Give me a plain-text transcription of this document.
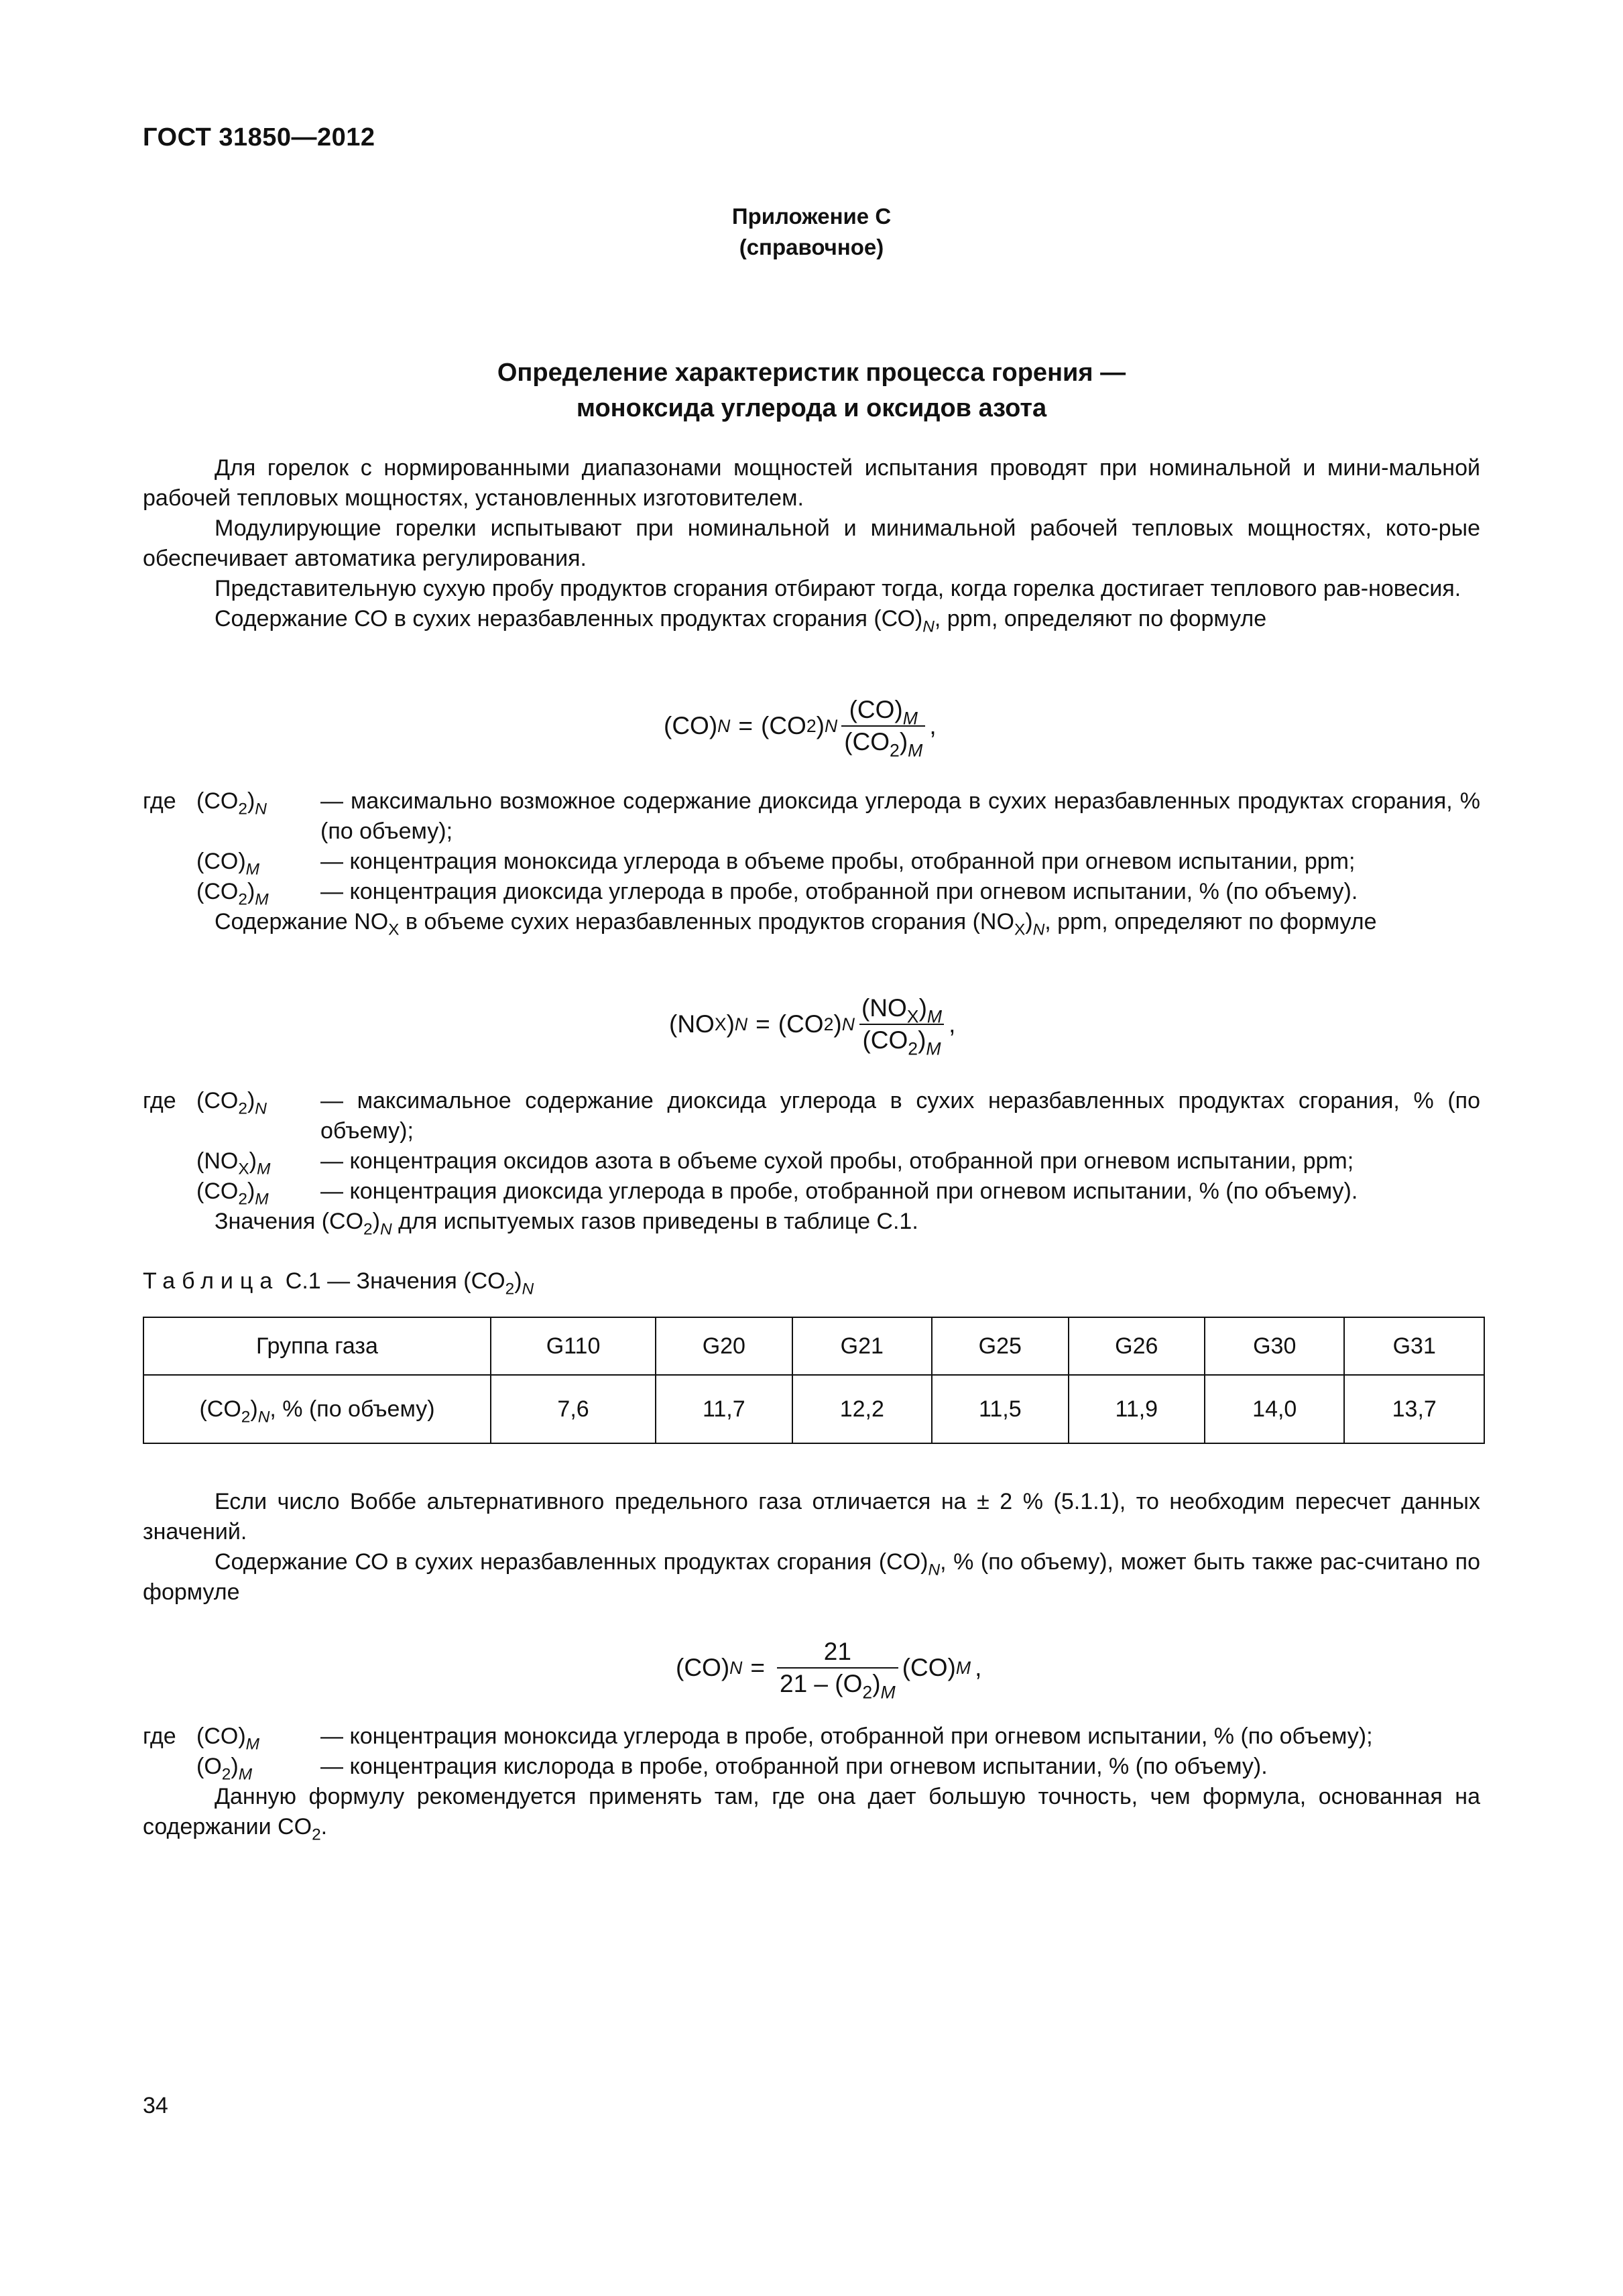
ГОСТ 31850—2012
Приложение С
(справочное)
Определение характеристик процесса горения —
моноксида углерода и оксидов азота
Для горелок с нормированными диапазонами мощностей испытания проводят при номинальной и мини-мальной рабочей тепловых мощностях, установленных изготовителем.
Модулирующие горелки испытывают при номинальной и минимальной рабочей тепловых мощностях, кото-рые обеспечивает автоматика регулирования.
Представительную сухую пробу продуктов сгорания отбирают тогда, когда горелка достигает теплового рав-новесия.
Содержание СО в сухих неразбавленных продуктах сгорания $(СО)_N$, ppm, определяют по формуле
(CO) N = (CO 2 ) N $\frac{(CO)_M}{(CO_2)_M}$ ,
где $(CO_2)_N$	— максимально возможное содержание диоксида углерода в сухих неразбавленных продуктах сгорания, % (по объему);
$(CO)_M$	— концентрация моноксида углерода в объеме пробы, отобранной при огневом испытании, ppm;
$(CO_2)_M$	— концентрация диоксида углерода в пробе, отобранной при огневом испытании, % (по объему).
Содержание $NO_X$ в объеме сухих неразбавленных продуктов сгорания $(NO_X)_N$, ppm, определяют по формуле
(NO X ) N = (CO 2 ) N $\frac{(NO_X)_M}{(CO_2)_M}$ ,
где $(CO_2)_N$	— максимальное содержание диоксида углерода в сухих неразбавленных продуктах сгорания, % (по объему);
$(NO_X)_M$	— концентрация оксидов азота в объеме сухой пробы, отобранной при огневом испытании, ppm;
$(CO_2)_M$	— концентрация диоксида углерода в пробе, отобранной при огневом испытании, % (по объему).
Значения $(CO_2)_N$ для испытуемых газов приведены в таблице С.1.
Таблица С.1 — Значения $(CO_2)_N$
Группа газа	G110	G20	G21	G25	G26	G30	G31
$(CO_2)_N$, % (по объему)	7,6	11,7	12,2	11,5	11,9	14,0	13,7
Если число Воббе альтернативного предельного газа отличается на ± 2 % (5.1.1), то необходим пересчет данных значений.
Содержание СО в сухих неразбавленных продуктах сгорания $(CO)_N$, % (по объему), может быть также рас-считано по формуле
(CO) $N = \frac{21}{21 - (O_2)_M} (CO)$ M ,
где $(CO)_M$	— концентрация моноксида углерода в пробе, отобранной при огневом испытании, % (по объему);
$(O_2)_M$	— концентрация кислорода в пробе, отобранной при огневом испытании, % (по объему).
Данную формулу рекомендуется применять там, где она дает большую точность, чем формула, основанная на содержании $CO_2$.
34
